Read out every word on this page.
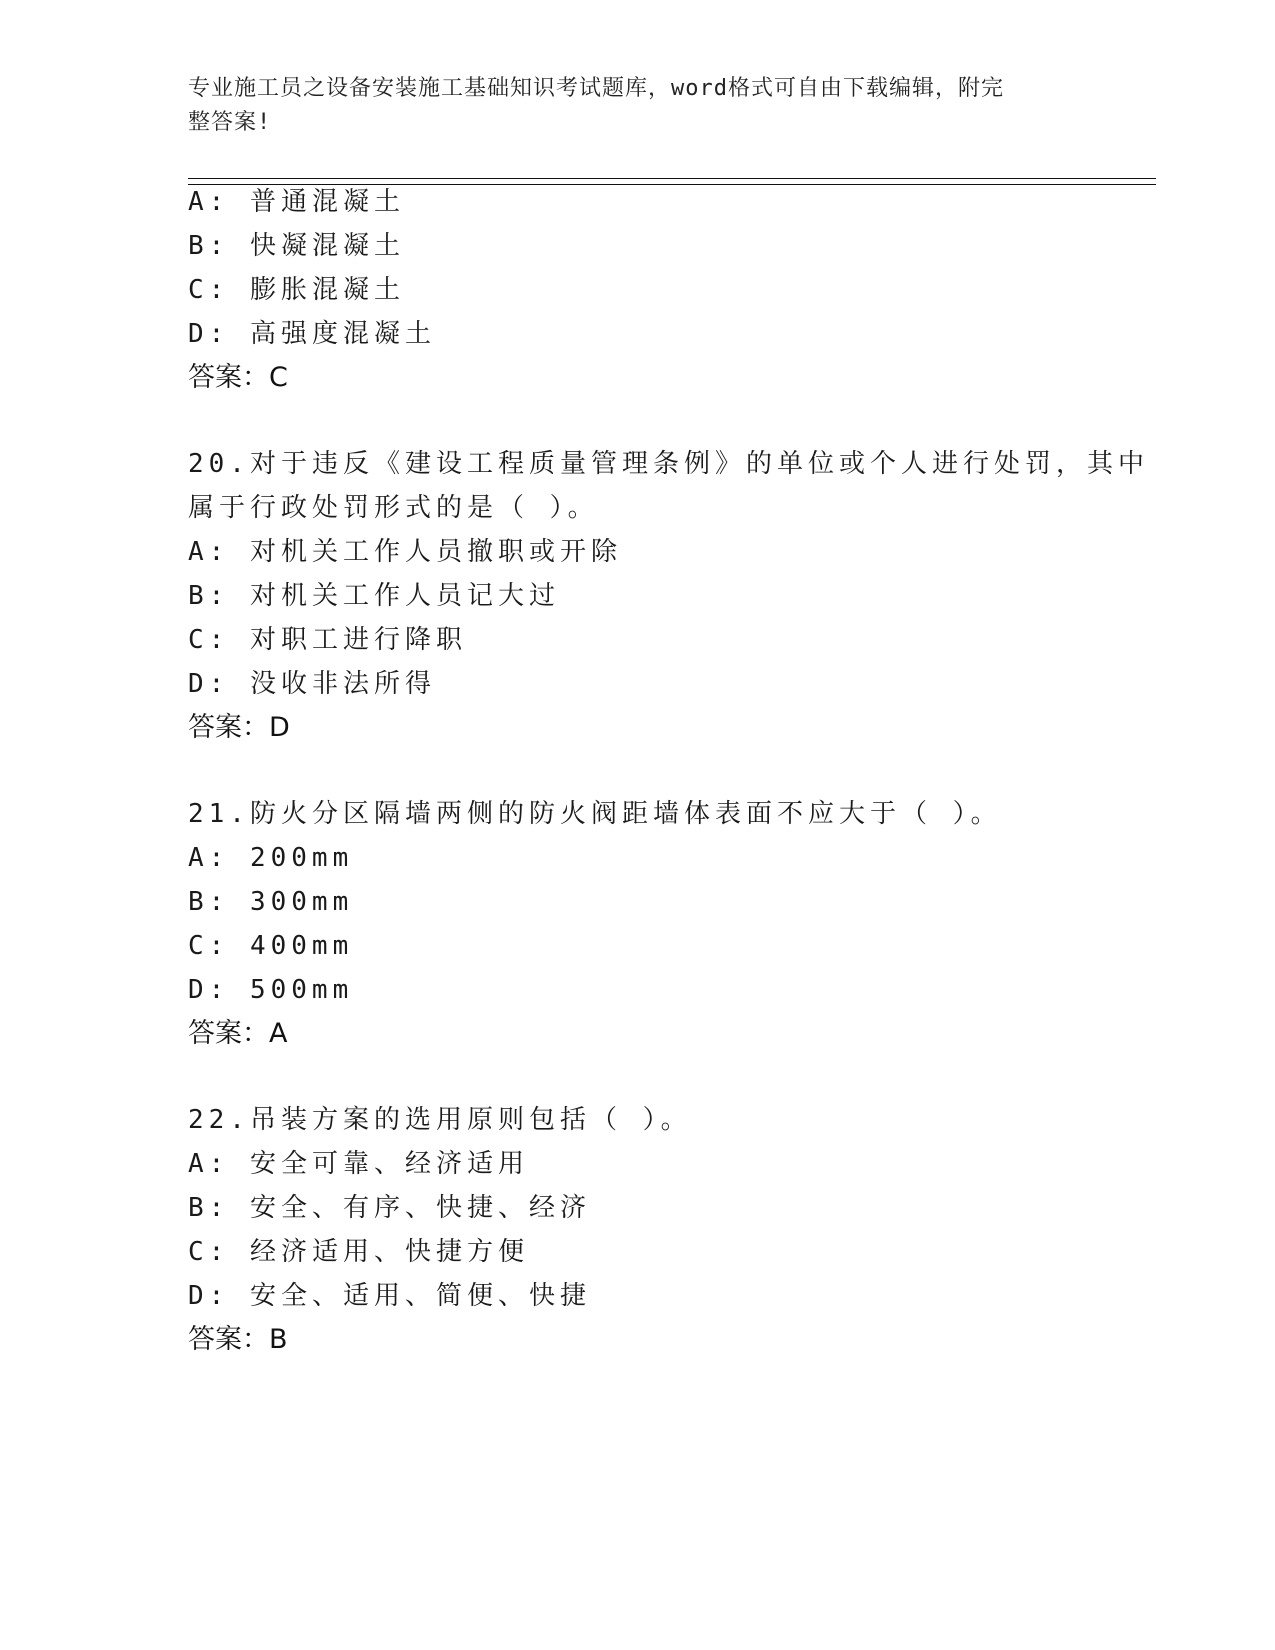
专业施工员之设备安装施工基础知识考试题库，word格式可自由下载编辑，附完
整答案!
A: 普通混凝土
B: 快凝混凝土
C: 膨胀混凝土
D: 高强度混凝土
答案：C
20.对于违反《建设工程质量管理条例》的单位或个人进行处罚，其中
属于行政处罚形式的是（ ）。
A: 对机关工作人员撤职或开除
B: 对机关工作人员记大过
C: 对职工进行降职
D: 没收非法所得
答案：D
21.防火分区隔墙两侧的防火阀距墙体表面不应大于（ ）。
A: 200mm
B: 300mm
C: 400mm
D: 500mm
答案：A
22.吊装方案的选用原则包括（ ）。
A: 安全可靠、经济适用
B: 安全、有序、快捷、经济
C: 经济适用、快捷方便
D: 安全、适用、简便、快捷
答案：B
